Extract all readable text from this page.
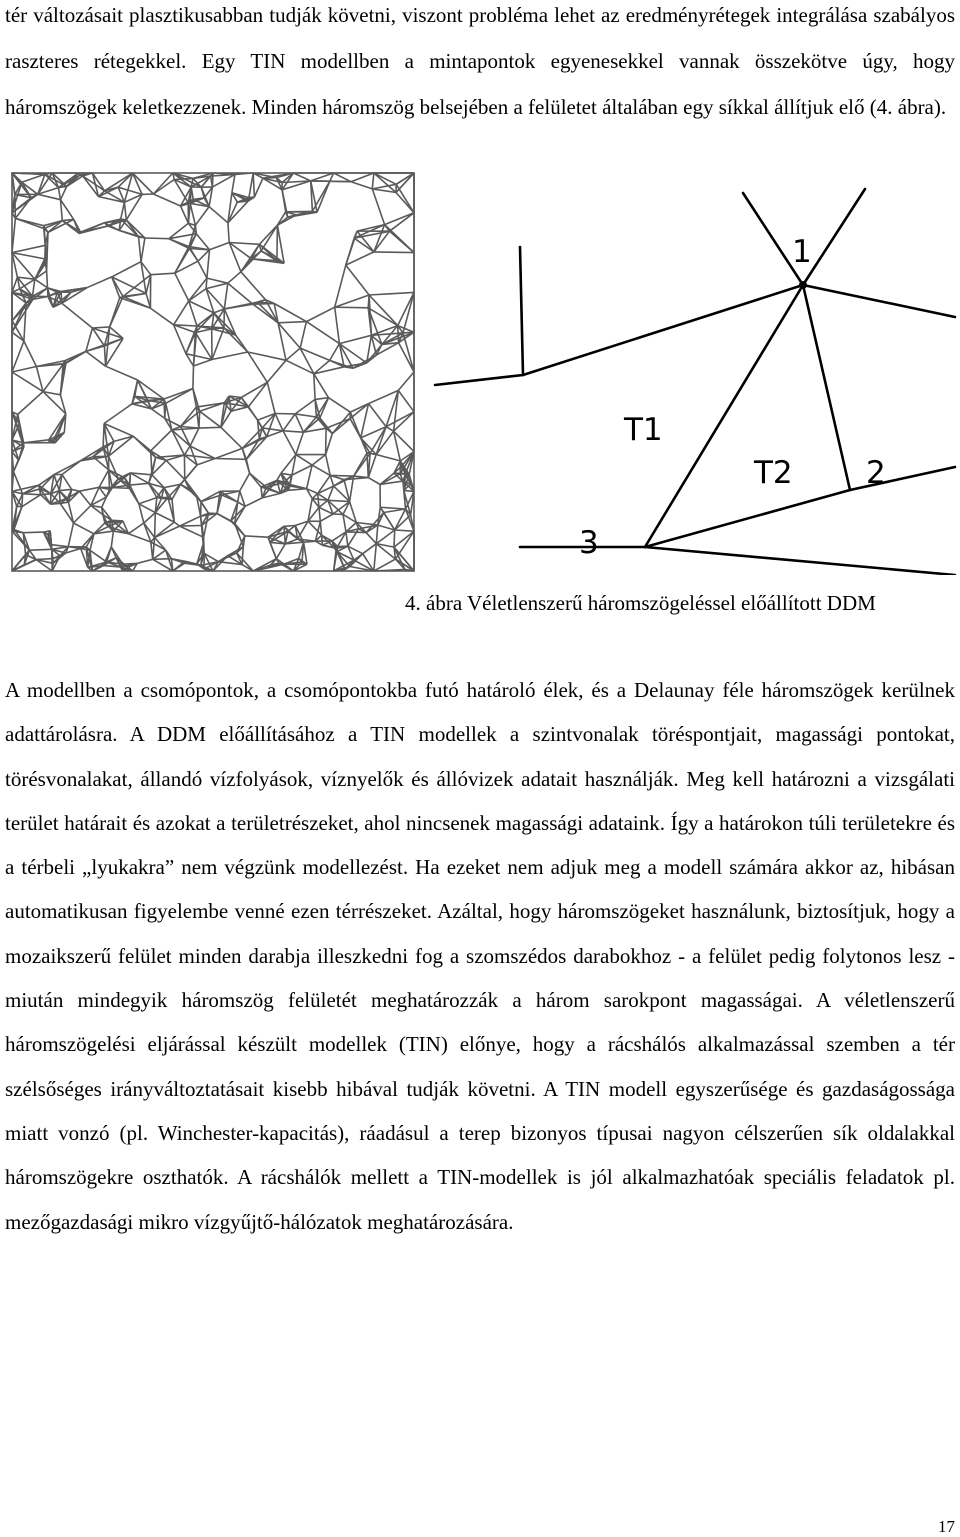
tér változásait plasztikusabban tudják követni, viszont probléma lehet az eredményrétegek integrálása szabályos raszteres rétegekkel. Egy TIN modellben a mintapontok egyenesekkel vannak összekötve úgy, hogy háromszögek keletkezzenek. Minden háromszög belsejében a felületet általában egy síkkal állítjuk elő (4. ábra).

1
2
3
T1
T2
4. ábra Véletlenszerű háromszögeléssel előállított DDM

A modellben a csomópontok, a csomópontokba futó határoló élek, és a Delaunay féle háromszögek kerülnek adattárolásra. A DDM előállításához a TIN modellek a szintvonalak töréspontjait, magassági pontokat, törésvonalakat, állandó vízfolyások, víznyelők és állóvizek adatait használják. Meg kell határozni a vizsgálati terület határait és azokat a területrészeket, ahol nincsenek magassági adataink. Így a határokon túli területekre és a térbeli „lyukakra” nem végzünk modellezést. Ha ezeket nem adjuk meg a modell számára akkor az, hibásan automatikusan figyelembe venné ezen térrészeket. Azáltal, hogy háromszögeket használunk, biztosítjuk, hogy a mozaikszerű felület minden darabja illeszkedni fog a szomszédos darabokhoz - a felület pedig folytonos lesz - miután mindegyik háromszög felületét meghatározzák a három sarokpont magasságai. A véletlenszerű háromszögelési eljárással készült modellek (TIN) előnye, hogy a rácshálós alkalmazással szemben a tér szélsőséges irányváltoztatásait kisebb hibával tudják követni. A TIN modell egyszerűsége és gazdaságossága miatt vonzó (pl. Winchester-kapacitás), ráadásul a terep bizonyos típusai nagyon célszerűen sík oldalakkal háromszögekre oszthatók. A rácshálók mellett a TIN-modellek is jól alkalmazhatóak speciális feladatok pl. mezőgazdasági mikro vízgyűjtő-hálózatok meghatározására.

17
